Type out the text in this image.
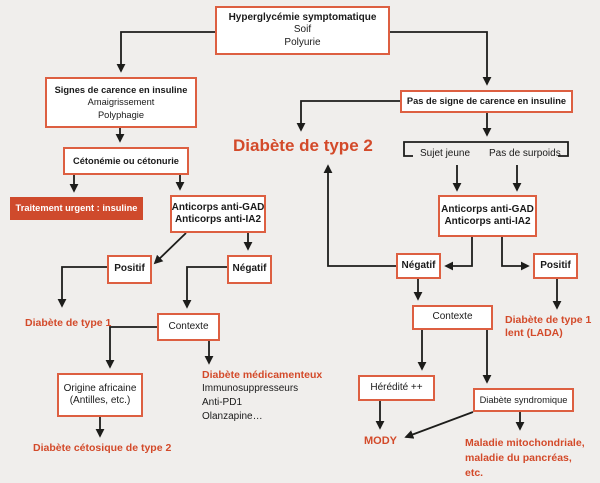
Hyperglycémie symptomatique
Soif
Polyurie
Signes de carence en insuline
Amaigrissement
Polyphagie
Cétonémie ou cétonurie
Traitement urgent : insuline	Anticorps anti-GAD
Anticorps anti-IA2
Positif	Négatif
Contexte
Origine africaine
(Antilles, etc.)
Pas de signe de carence en insuline
Sujet jeune Pas de surpoids
Anticorps anti-GAD
Anticorps anti-IA2
Négatif	Positif
Contexte
Hérédité ++
Diabète syndromique
Diabète de type 2
Diabète de type 1
Diabète cétosique de type 2
Diabète médicamenteux
Immunosuppresseurs
Anti-PD1
Olanzapine…
Diabète de type 1
lent (LADA)
MODY	Maladie mitochondriale,
maladie du pancréas,
etc.
